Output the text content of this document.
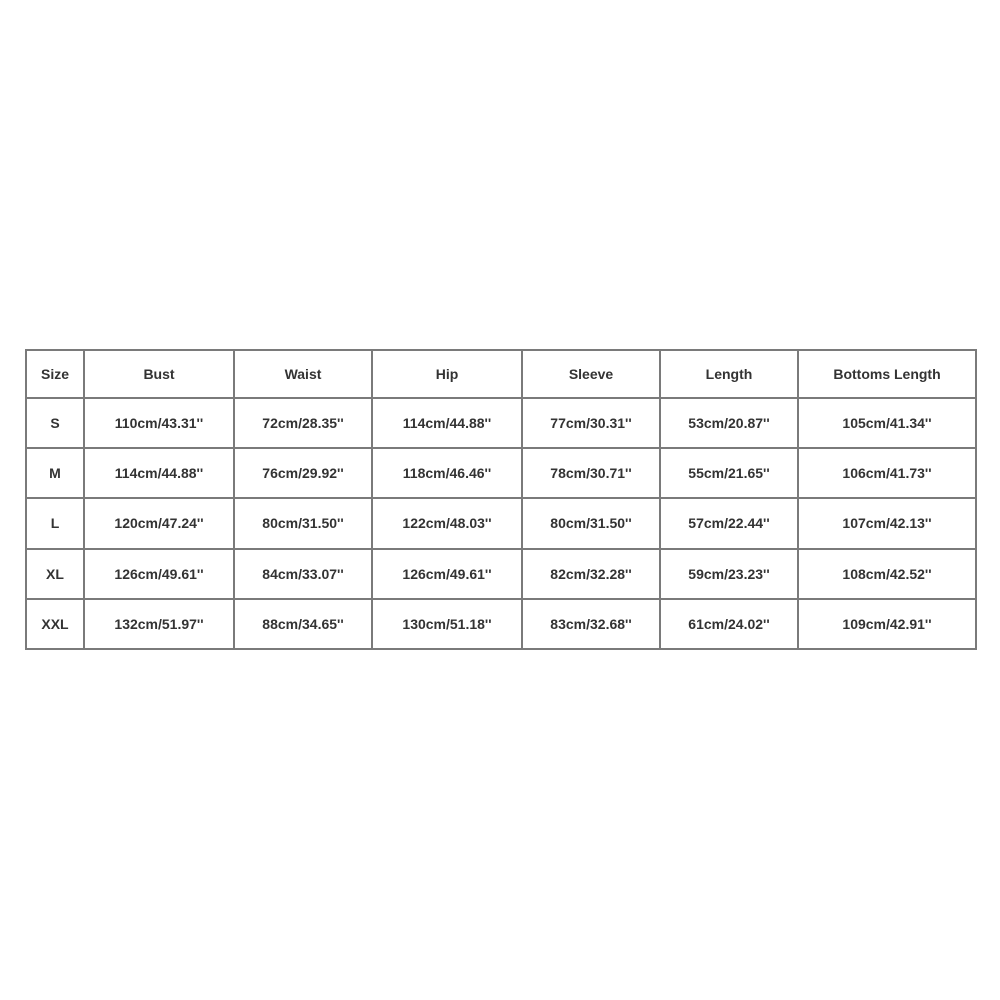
Size	Bust	Waist	Hip	Sleeve	Length	Bottoms Length
S	110cm/43.31''	72cm/28.35''	114cm/44.88''	77cm/30.31''	53cm/20.87''	105cm/41.34''
M	114cm/44.88''	76cm/29.92''	118cm/46.46''	78cm/30.71''	55cm/21.65''	106cm/41.73''
L	120cm/47.24''	80cm/31.50''	122cm/48.03''	80cm/31.50''	57cm/22.44''	107cm/42.13''
XL	126cm/49.61''	84cm/33.07''	126cm/49.61''	82cm/32.28''	59cm/23.23''	108cm/42.52''
XXL	132cm/51.97''	88cm/34.65''	130cm/51.18''	83cm/32.68''	61cm/24.02''	109cm/42.91''
